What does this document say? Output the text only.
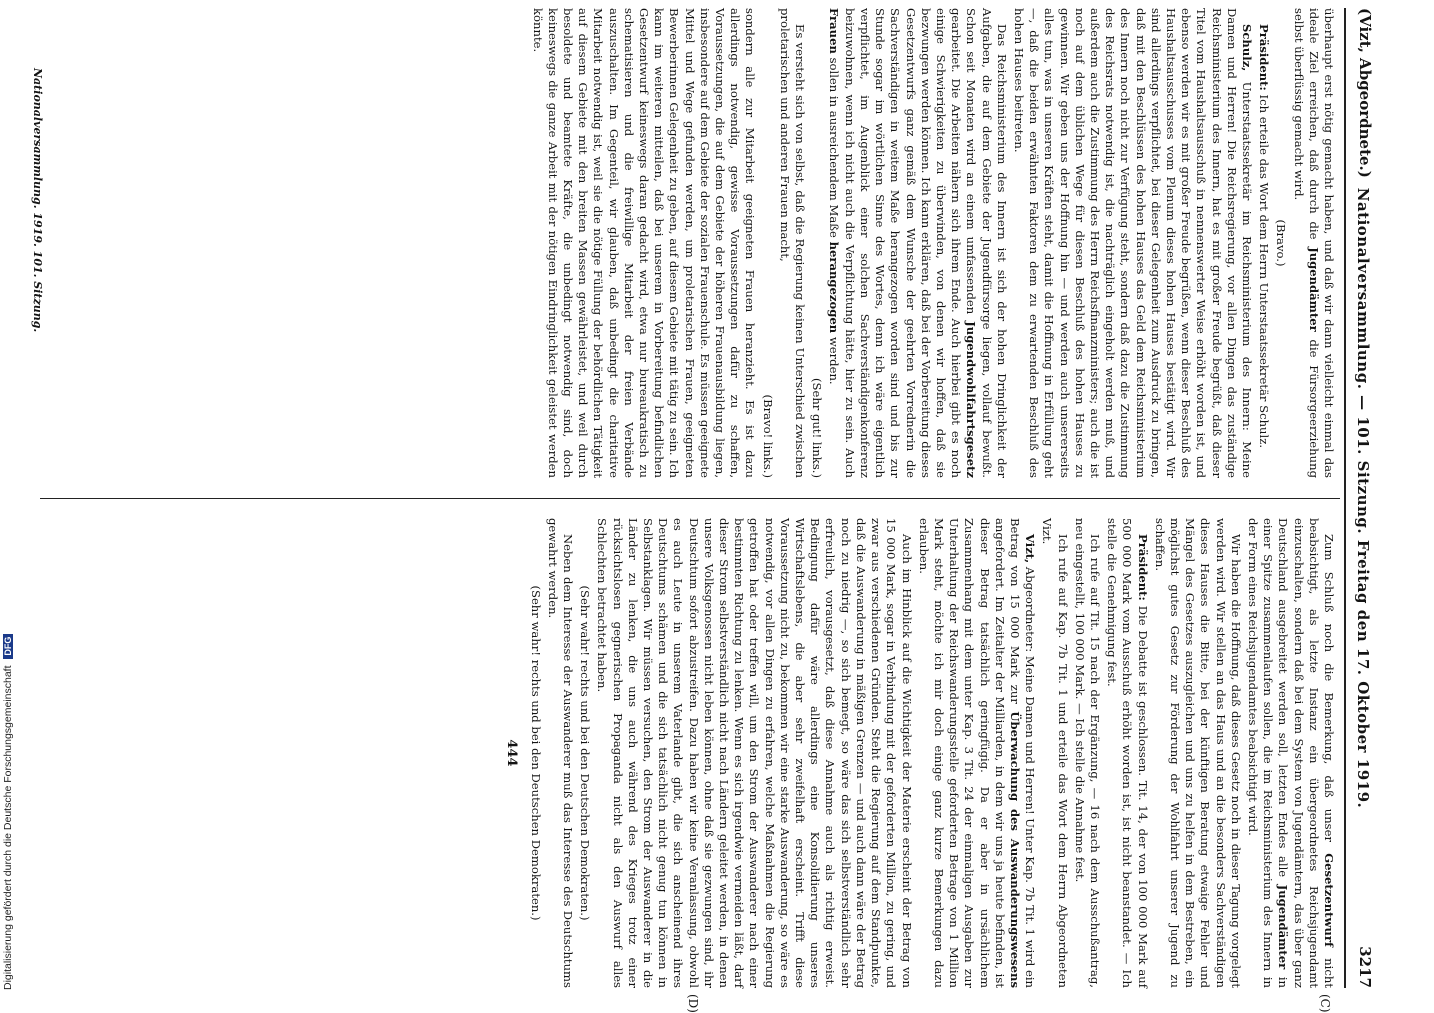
(Vizt, Abgeordnete.)
Nationalversammlung. — 101. Sitzung. Freitag den 17. Oktober 1919.
3217
(C)
(D)

überhaupt erst nötig gemacht haben, und daß wir dann vielleicht einmal das ideale Ziel erreichen, daß durch die Jugendämter die Fürsorgeerziehung selbst überflüssig gemacht wird.

(Bravo.)

Präsident: Ich erteile das Wort dem Herrn Unterstaatssekretär Schulz.

Schulz, Unterstaatssekretär im Reichsministerium des Innern: Meine Damen und Herren! Die Reichsregierung, vor allen Dingen das zuständige Reichsministerium des Innern, hat es mit großer Freude begrüßt, daß dieser Titel vom Haushaltsausschuß in nennenswerter Weise erhöht worden ist, und ebenso werden wir es mit großer Freude begrüßen, wenn dieser Beschluß des Haushaltsausschusses vom Plenum dieses hohen Hauses bestätigt wird. Wir sind allerdings verpflichtet, bei dieser Gelegenheit zum Ausdruck zu bringen, daß mit den Beschlüssen des hohen Hauses das Geld dem Reichsministerium des Innern noch nicht zur Verfügung steht, sondern daß dazu die Zustimmung des Reichsrats notwendig ist, die nachträglich eingeholt werden muß, und außerdem auch die Zustimmung des Herrn Reichsfinanzministers; auch die ist noch auf dem üblichen Wege für diesen Beschluß des hohen Hauses zu gewinnen. Wir geben uns der Hoffnung hin — und werden auch unsererseits alles tun, was in unseren Kräften steht, damit die Hoffnung in Erfüllung geht —, daß die beiden erwähnten Faktoren dem zu erwartenden Beschluß des hohen Hauses beitreten.

Das Reichsministerium des Innern ist sich der hohen Dringlichkeit der Aufgaben, die auf dem Gebiete der Jugendfürsorge liegen, vollauf bewußt. Schon seit Monaten wird an einem umfassenden Jugendwohlfahrtsgesetz gearbeitet. Die Arbeiten nähern sich ihrem Ende. Auch hierbei gibt es noch einige Schwierigkeiten zu überwinden, von denen wir hoffen, daß sie bezwungen werden können. Ich kann erklären, daß bei der Vorbereitung dieses Gesetzentwurfs ganz gemäß dem Wunsche der geehrten Vorrednerin die Sachverständigen in weitem Maße herangezogen worden sind und bis zur Stunde sogar im wörtlichen Sinne des Wortes, denn ich wäre eigentlich verpflichtet, im Augenblick einer solchen Sachverständigenkonferenz beizuwohnen, wenn ich nicht auch die Verpflichtung hätte, hier zu sein. Auch Frauen sollen in ausreichendem Maße herangezogen werden.

(Sehr gut! links.)

Es versteht sich von selbst, daß die Regierung keinen Unterschied zwischen proletarischen und anderen Frauen macht,

(Bravo! links.)

sondern alle zur Mitarbeit geeigneten Frauen heranzieht. Es ist dazu allerdings notwendig, gewisse Voraussetzungen dafür zu schaffen, Voraussetzungen, die auf dem Gebiete der höheren Frauenausbildung liegen, insbesondere auf dem Gebiete der sozialen Frauenschule. Es müssen geeignete Mittel und Wege gefunden werden, um proletarischen Frauen, geeigneten Bewerberinnen Gelegenheit zu geben, auf diesem Gebiete mit tätig zu sein. Ich kann im weiteren mitteilen, daß bei unserem in Vorbereitung befindlichen Gesetzentwurf keineswegs daran gedacht wird, etwa nur bureaukratisch zu schematisieren und die freiwillige Mitarbeit der freien Verbände auszuschalten. Im Gegenteil, wir glauben, daß unbedingt die charitative Mitarbeit notwendig ist, weil sie die nötige Füllung der behördlichen Tätigkeit auf diesem Gebiete mit den breiten Massen gewährleistet, und weil durch besoldete und beamtete Kräfte, die unbedingt notwendig sind, doch keineswegs die ganze Arbeit mit der nötigen Eindringlichkeit geleistet werden könnte.

Nationalversammlung. 1919. 101. Sitzung.

Zum Schluß noch die Bemerkung, daß unser Gesetzentwurf nicht beabsichtigt, als letzte Instanz ein übergeordnetes Reichsjugendamt einzuschalten, sondern daß bei dem System von Jugendämtern, das über ganz Deutschland ausgebreitet werden soll, letzten Endes alle Jugendämter in einer Spitze zusammenlaufen sollen, die im Reichsministerium des Innern in der Form eines Reichsjugendamtes beabsichtigt wird.

Wir haben die Hoffnung, daß dieses Gesetz noch in dieser Tagung vorgelegt werden wird. Wir stellen an das Haus und an die besonders Sachverständigen dieses Hauses die Bitte, bei der künftigen Beratung etwaige Fehler und Mängel des Gesetzes auszugleichen und uns zu helfen in dem Bestreben, ein möglichst gutes Gesetz zur Förderung der Wohlfahrt unserer Jugend zu schaffen.

Präsident: Die Debatte ist geschlossen. Tit. 14, der von 100 000 Mark auf 500 000 Mark vom Ausschuß erhöht worden ist, ist nicht beanstandet. — Ich stelle die Genehmigung fest.

Ich rufe auf Tit. 15 nach der Ergänzung, — 16 nach dem Ausschußantrag, neu eingestellt, 100 000 Mark. — Ich stelle die Annahme fest.

Ich rufe auf Kap. 7b Tit. 1 und erteile das Wort dem Herrn Abgeordneten Vizt.

Vizt, Abgeordneter: Meine Damen und Herren! Unter Kap. 7b Tit. 1 wird ein Betrag von 15 000 Mark zur Überwachung des Auswanderungswesens angefordert. Im Zeitalter der Milliarden, in dem wir uns ja heute befinden, ist dieser Betrag tatsächlich geringfügig. Da er aber in ursächlichem Zusammenhang mit dem unter Kap. 3 Tit. 24 der einmaligen Ausgaben zur Unterhaltung der Reichswanderungsstelle geforderten Betrage von 1 Million Mark steht, möchte ich mir doch einige ganz kurze Bemerkungen dazu erlauben.

Auch im Hinblick auf die Wichtigkeit der Materie erscheint der Betrag von 15 000 Mark, sogar in Verbindung mit der geforderten Million, zu gering, und zwar aus verschiedenen Gründen. Steht die Regierung auf dem Standpunkte, daß die Auswanderung in mäßigen Grenzen — und auch dann wäre der Betrag noch zu niedrig —, so sich bemegt, so wäre das sich selbstverständlich sehr erfreulich, vorausgesetzt, daß diese Annahme auch als richtig erweist. Bedingung dafür wäre allerdings eine Konsolidierung unseres Wirtschaftslebens, die aber sehr zweifelhaft erscheint. Trifft diese Voraussetzung nicht zu, bekommen wir eine starke Auswanderung, so wäre es notwendig, vor allen Dingen zu erfahren, welche Maßnahmen die Regierung getroffen hat oder treffen will, um den Strom der Auswanderer nach einer bestimmten Richtung zu lenken. Wenn es sich irgendwie vermeiden läßt, darf dieser Strom selbstverständlich nicht nach Ländern geleitet werden, in denen unsere Volksgenossen nicht leben können, ohne daß sie gezwungen sind, ihr Deutschtum sofort abzustreifen. Dazu haben wir keine Veranlassung, obwohl es auch Leute in unserem Vaterlande gibt, die sich anscheinend ihres Deutschtums schämen und die sich tatsächlich nicht genug tun können in Selbstanklagen. Wir müssen versuchen, den Strom der Auswanderer in die Länder zu lenken, die uns auch während des Krieges trotz einer rücksichtslosen gegnerischen Propaganda nicht als den Auswurf alles Schlechten betrachtet haben.

(Sehr wahr! rechts und bei den Deutschen Demokraten.)

Neben dem Interesse der Auswanderer muß das Interesse des Deutschtums gewahrt werden.

(Sehr wahr! rechts und bei den Deutschen Demokraten.)

444

Digitalisierung gefördert durch die Deutsche Forschungsgemeinschaft DFG
